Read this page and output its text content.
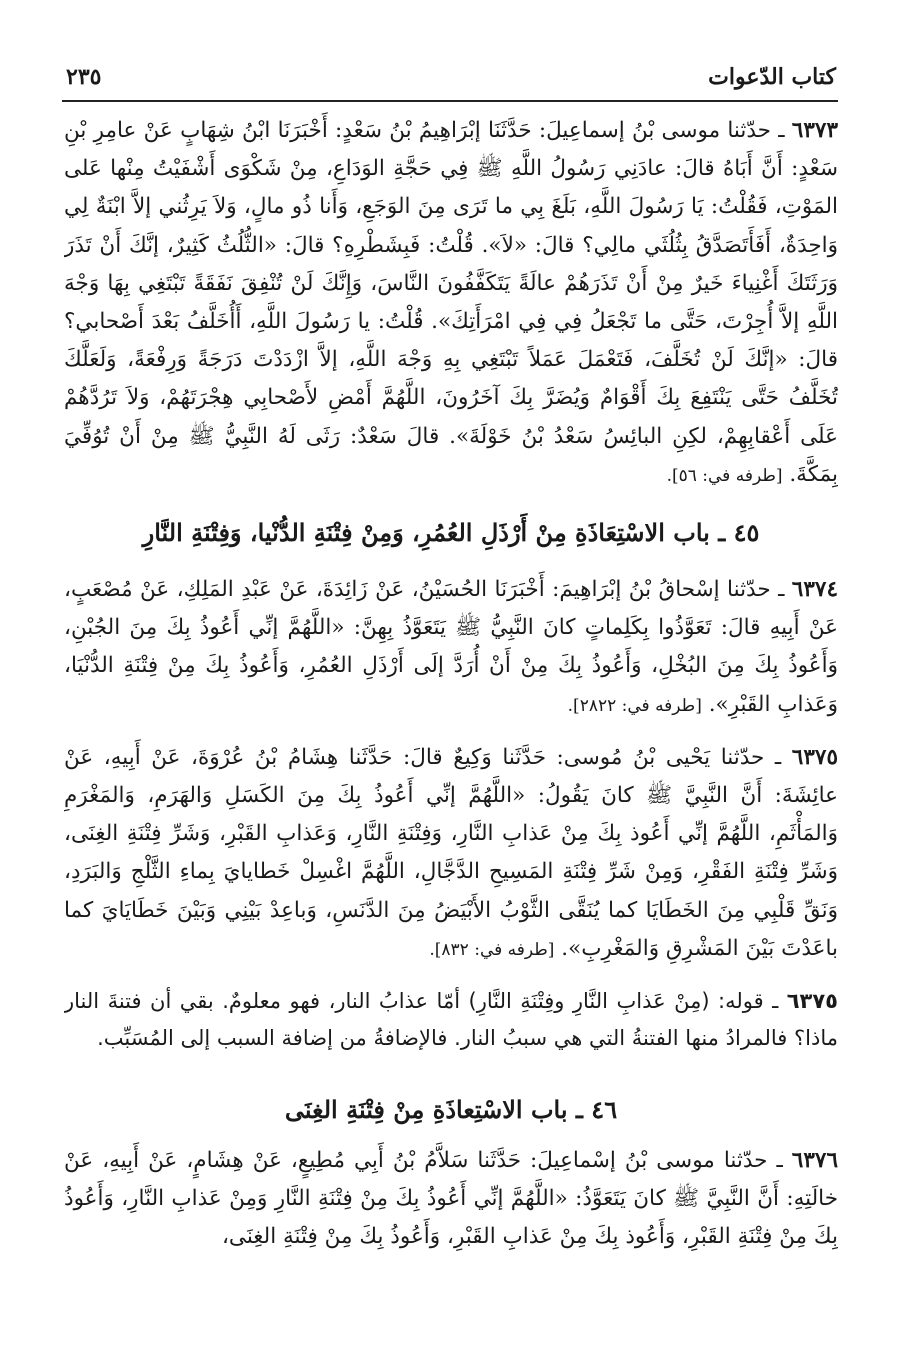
كتاب الدّعوات
٢٣٥

٦٣٧٣ ـ حدّثنا موسى بْنُ إسماعِيلَ: حَدَّثَنَا إبْرَاهِيمُ بْنُ سَعْدٍ: أَخْبَرَنَا ابْنُ شِهَابٍ عَنْ عامِرِ بْنِ سَعْدٍ: أَنَّ أَبَاهُ قالَ: عادَنِي رَسُولُ اللَّهِ ﷺ فِي حَجَّةِ الوَدَاعِ، مِنْ شَكْوَى أَشْفَيْتُ مِنْها عَلى المَوْتِ، فَقُلْتُ: يَا رَسُولَ اللَّهِ، بَلَغَ بِي ما تَرَى مِنَ الوَجَعِ، وَأَنا ذُو مالٍ، وَلاَ يَرِثُني إلاَّ ابْنَةٌ لِي وَاحِدَةٌ، أَفَأَتَصَدَّقُ بِثُلُثَي مالِي؟ قالَ: «لاَ». قُلْتُ: فَبِشَطْرِهِ؟ قالَ: «الثُّلُثُ كَثِيرٌ، إنَّكَ أَنْ تَذَرَ وَرَثَتَكَ أَغْنِياءَ خَيرٌ مِنْ أَنْ تَذَرَهُمْ عالَةً يَتَكَفَّفُونَ النَّاسَ، وَإِنَّكَ لَنْ تُنْفِقَ نَفَقَةً تَبْتَغِي بِهَا وَجْهَ اللَّهِ إلاَّ أُجِرْتَ، حَتَّى ما تَجْعَلُ فِي فِي امْرَأَتِكَ». قُلْتُ: يا رَسُولَ اللَّهِ، أَأُخَلَّفُ بَعْدَ أَصْحابي؟ قالَ: «إنَّكَ لَنْ تُخَلَّفَ، فَتَعْمَلَ عَمَلاً تَبْتَغِي بِهِ وَجْهَ اللَّهِ، إلاَّ ازْدَدْتَ دَرَجَةً وَرِفْعَةً، وَلَعَلَّكَ تُخَلَّفُ حَتَّى يَنْتَفِعَ بِكَ أَقْوَامٌ وَيُضَرَّ بِكَ آخَرُونَ، اللَّهُمَّ أَمْضِ لأَصْحابِي هِجْرَتَهُمْ، وَلاَ تَرُدَّهُمْ عَلَى أَعْقابِهِمْ، لكِنِ البائِسُ سَعْدُ بْنُ خَوْلَةَ». قالَ سَعْدٌ: رَثَى لَهُ النَّبِيُّ ﷺ مِنْ أَنْ تُوُفِّيَ بِمَكَّةَ. [طرفه في: ٥٦].

٤٥ ـ باب الاسْتِعَاذَةِ مِنْ أَرْذَلِ العُمُرِ، وَمِنْ فِتْنَةِ الدُّنْيا، وَفِتْنَةِ النَّارِ

٦٣٧٤ ـ حدّثنا إسْحاقُ بْنُ إبْرَاهِيمَ: أَخْبَرَنَا الحُسَيْنُ، عَنْ زَائِدَةَ، عَنْ عَبْدِ المَلِكِ، عَنْ مُصْعَبٍ، عَنْ أَبِيهِ قالَ: تَعَوَّذُوا بِكَلِماتٍ كانَ النَّبِيُّ ﷺ يَتَعَوَّذُ بِهِنَّ: «اللَّهُمَّ إنِّي أَعُوذُ بِكَ مِنَ الجُبْنِ، وَأَعُوذُ بِكَ مِنَ البُخْلِ، وَأَعُوذُ بِكَ مِنْ أَنْ أُرَدَّ إلَى أَرْذَلِ العُمُرِ، وَأَعُوذُ بِكَ مِنْ فِتْنَةِ الدُّنْيَا، وَعَذابِ القَبْرِ». [طرفه في: ٢٨٢٢].

٦٣٧٥ ـ حدّثنا يَحْيى بْنُ مُوسى: حَدَّثَنا وَكِيعٌ قالَ: حَدَّثَنا هِشَامُ بْنُ عُرْوَةَ، عَنْ أَبِيهِ، عَنْ عائِشَةَ: أَنَّ النَّبِيَّ ﷺ كانَ يَقُولُ: «اللَّهُمَّ إنِّي أَعُوذُ بِكَ مِنَ الكَسَلِ وَالهَرَمِ، وَالمَغْرَمِ وَالمَأْثَمِ، اللَّهُمَّ إنِّي أَعُوذ بِكَ مِنْ عَذابِ النَّارِ، وَفِتْنَةِ النَّارِ، وَعَذابِ القَبْرِ، وَشَرِّ فِتْنَةِ الغِنَى، وَشَرِّ فِتْنَةِ الفَقْرِ، وَمِنْ شَرِّ فِتْنَةِ المَسِيحِ الدَّجَّالِ، اللَّهُمَّ اغْسِلْ خَطايايَ بِماءِ الثَّلْجِ وَالبَرَدِ، وَنَقِّ قَلْبِي مِنَ الخَطَايَا كما يُنَقَّى الثَّوْبُ الأَبْيَضُ مِنَ الدَّنَسِ، وَباعِدْ بَيْنِي وَبَيْنَ خَطَايَايَ كما باعَدْتَ بَيْنَ المَشْرِقِ وَالمَغْرِبِ». [طرفه في: ٨٣٢].

٦٣٧٥ ـ قوله: (مِنْ عَذابِ النَّارِ وفِتْنَةِ النَّارِ) أمّا عذابُ النار، فهو معلومٌ. بقي أن فتنةَ النار ماذا؟ فالمرادُ منها الفتنةُ التي هي سببُ النار. فالإضافةُ من إضافة السبب إلى المُسَبِّب.

٤٦ ـ باب الاسْتِعاذَةِ مِنْ فِتْنَةِ الغِنَى

٦٣٧٦ ـ حدّثنا موسى بْنُ إسْماعِيلَ: حَدَّثَنا سَلاَّمُ بْنُ أَبِي مُطِيعٍ، عَنْ هِشَامٍ، عَنْ أَبِيهِ، عَنْ خالَتِهِ: أَنَّ النَّبِيَّ ﷺ كانَ يَتَعَوَّذُ: «اللَّهُمَّ إنِّي أَعُوذُ بِكَ مِنْ فِتْنَةِ النَّارِ وَمِنْ عَذابِ النَّارِ، وَأَعُوذُ بِكَ مِنْ فِتْنَةِ القَبْرِ، وَأَعُوذ بِكَ مِنْ عَذابِ القَبْرِ، وَأَعُوذُ بِكَ مِنْ فِتْنَةِ الغِنَى،
